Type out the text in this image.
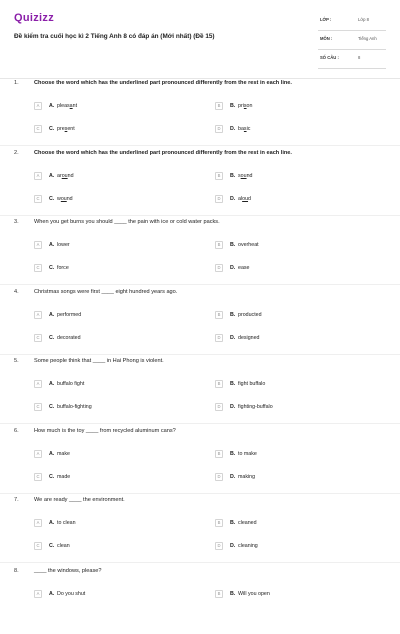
Quizizz
Đề kiểm tra cuối học kì 2 Tiếng Anh 8 có đáp án (Mới nhất) (Đề 15)
LỚP :	Lớp 8
MÔN :	Tiếng Anh
SỐ CÂU :	8
1.	Choose the word which has the underlined part pronounced differently from the rest in each line.
A	A. pleasant	B	B. prison
C	C. present	D	D. basic
2.	Choose the word which has the underlined part pronounced differently from the rest in each line.
A	A. around	B	B. sound
C	C. wound	D	D. aloud
3.	When you get burns you should ____ the pain with ice or cold water packs.
A	A. lower	B	B. overheat
C	C. force	D	D. ease
4.	Christmas songs were first ____ eight hundred years ago.
A	A. performed	B	B. producted
C	C. decorated	D	D. designed
5.	Some people think that ____ in Hai Phong is violent.
A	A. buffalo fight	B	B. fight buffalo
C	C. buffalo-fighting	D	D. fighting-buffalo
6.	How much is the toy ____ from recycled aluminum cans?
A	A. make	B	B. to make
C	C. made	D	D. making
7.	We are ready ____ the environment.
A	A. to clean	B	B. cleaned
C	C. clean	D	D. cleaning
8.	____ the windows, please?
A	A. Do you shut	B	B. Will you open
